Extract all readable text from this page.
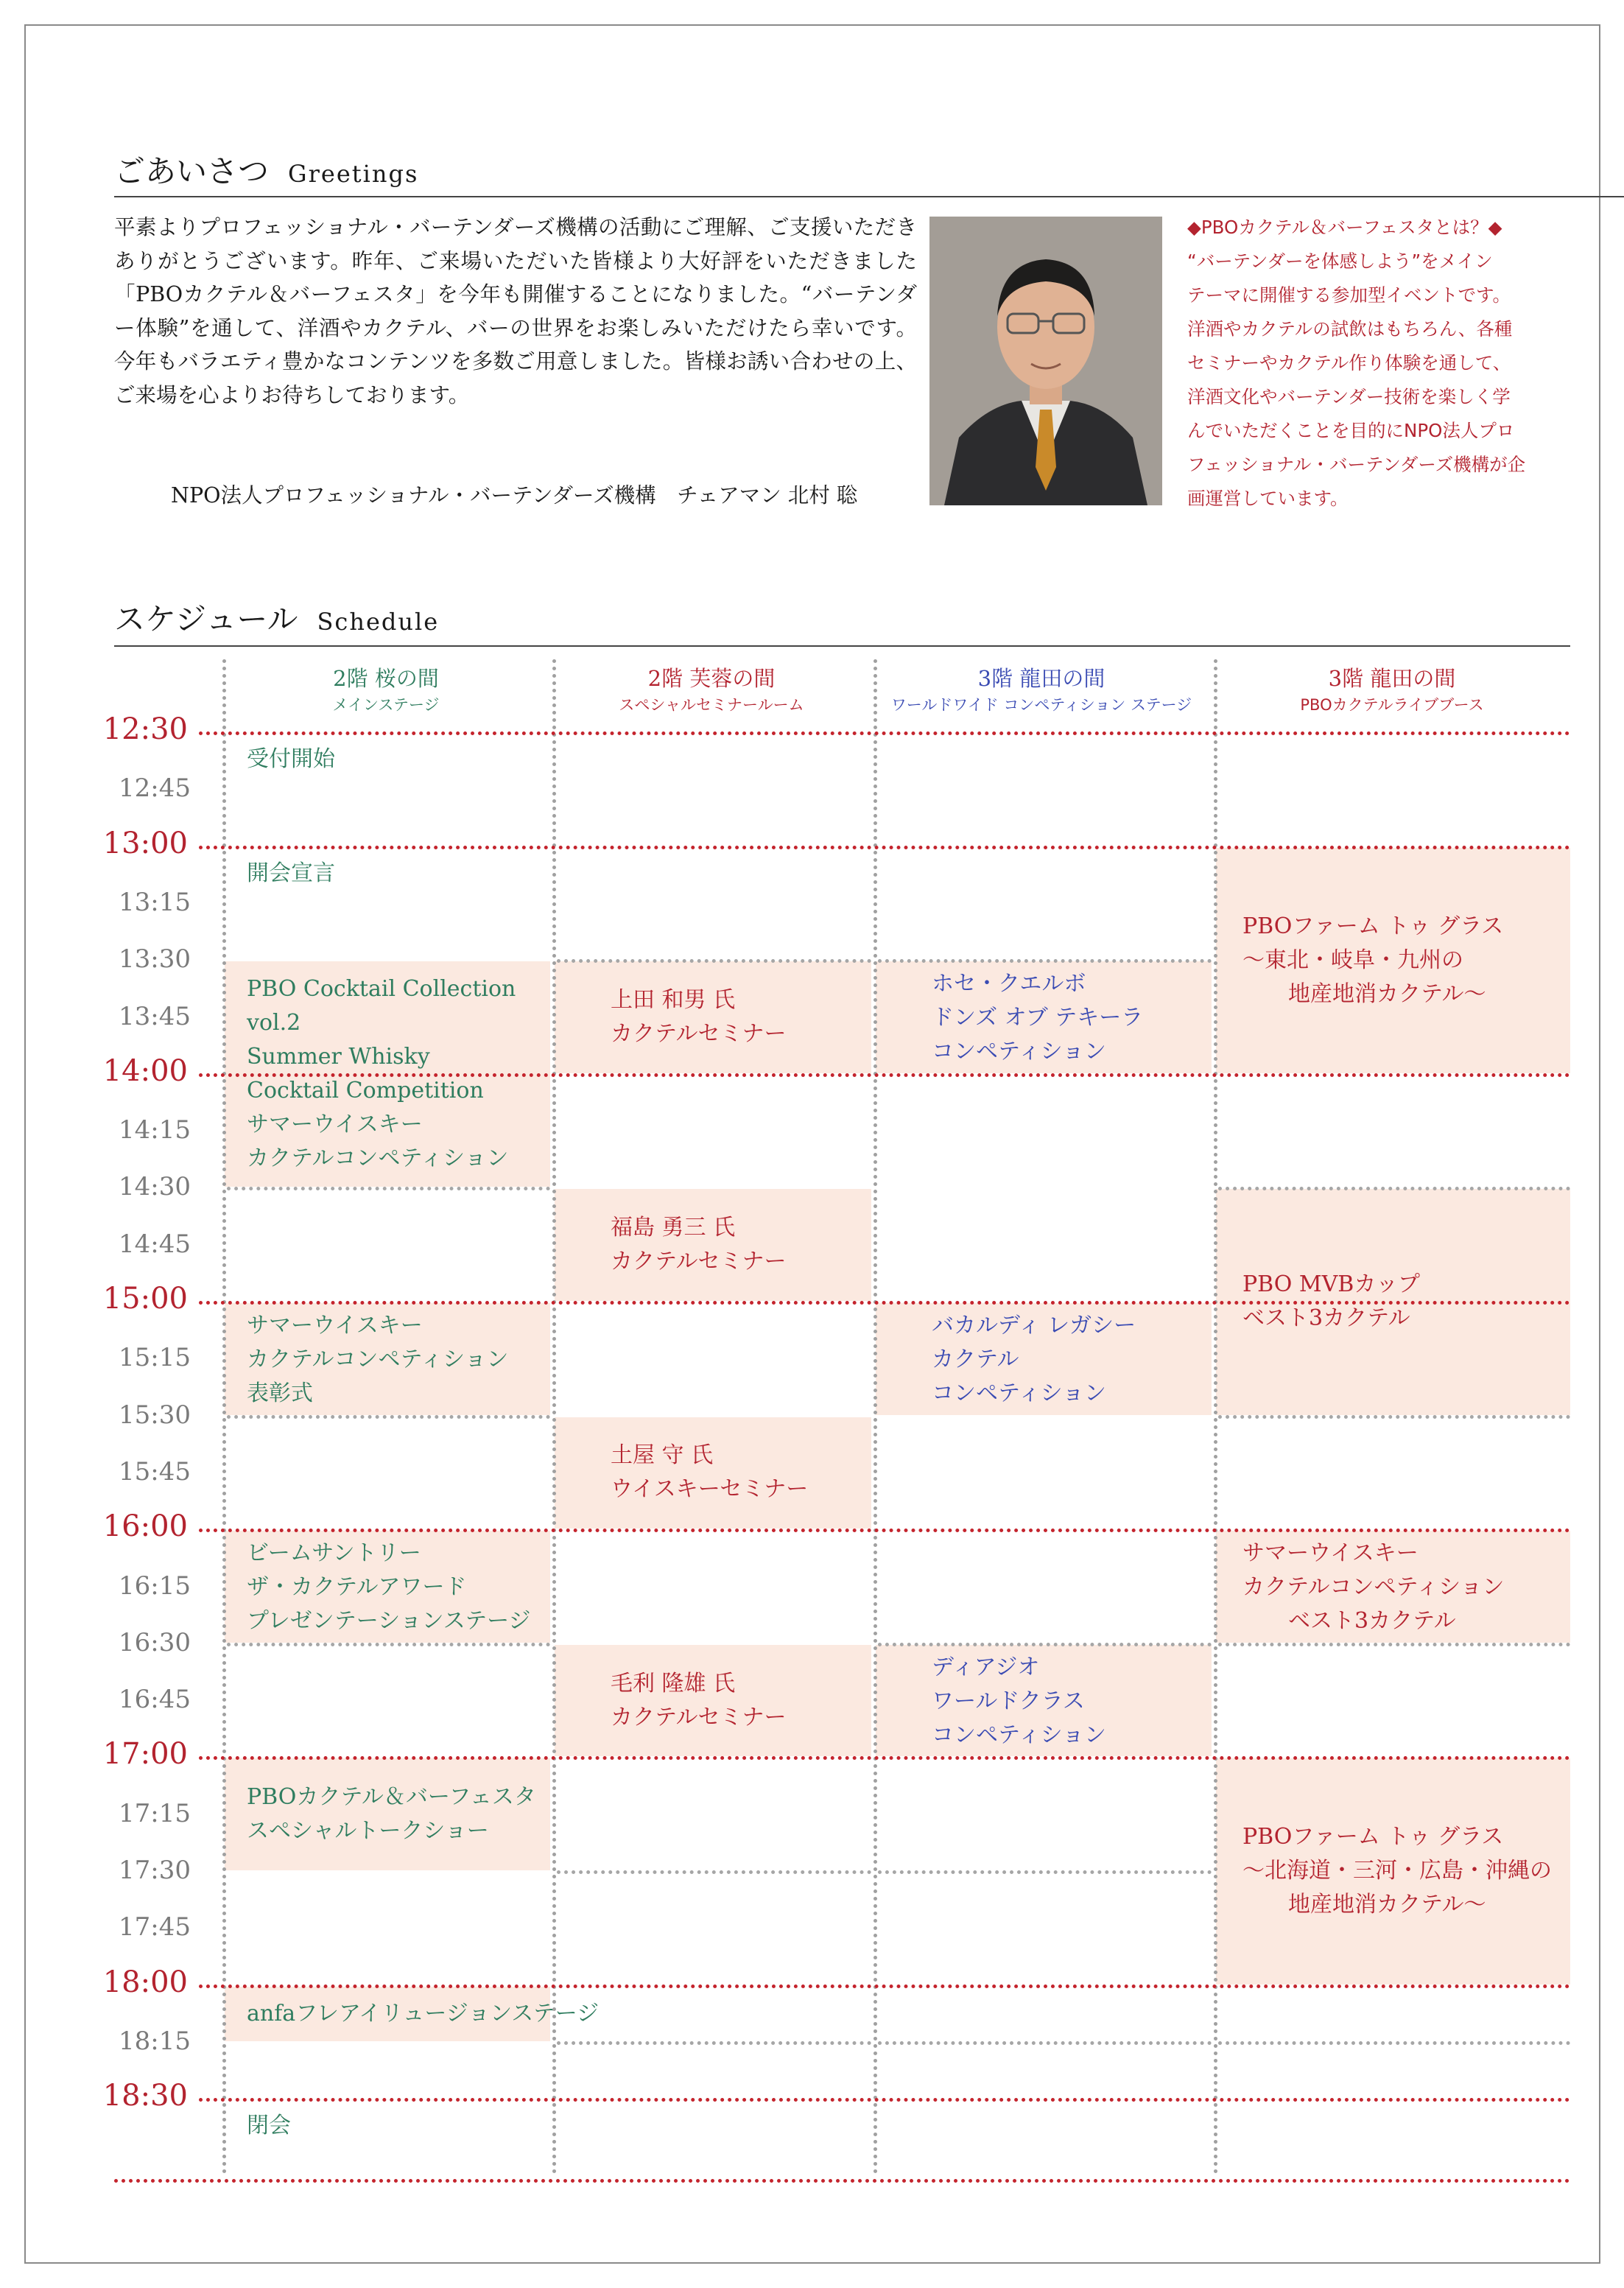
ごあいさつ Greetings

平素よりプロフェッショナル・バーテンダーズ機構の活動にご理解、ご支援いただきありがとうございます。昨年、ご来場いただいた皆様より大好評をいただきました「PBOカクテル＆バーフェスタ」を今年も開催することになりました。“バーテンダー体験”を通して、洋酒やカクテル、バーの世界をお楽しみいただけたら幸いです。今年もバラエティ豊かなコンテンツを多数ご用意しました。皆様お誘い合わせの上、ご来場を心よりお待ちしております。

NPO法人プロフェッショナル・バーテンダーズ機構　チェアマン 北村 聡
◆PBOカクテル＆バーフェスタとは？◆
“バーテンダーを体感しよう”をメイン
テーマに開催する参加型イベントです。
洋酒やカクテルの試飲はもちろん、各種
セミナーやカクテル作り体験を通して、
洋酒文化やバーテンダー技術を楽しく学
んでいただくことを目的にNPO法人プロ
フェッショナル・バーテンダーズ機構が企
画運営しています。
スケジュール Schedule
2階 桜の間
メインステージ
2階 芙蓉の間
スペシャルセミナールーム
3階 龍田の間
ワールドワイド コンペティション ステージ
3階 龍田の間
PBOカクテルライブブース
受付開始
開会宣言
PBO Cocktail Collection
vol.2
Summer Whisky
Cocktail Competition
サマーウイスキー
カクテルコンペティション
サマーウイスキー
カクテルコンペティション
表彰式
ビームサントリー
ザ・カクテルアワード
プレゼンテーションステージ
PBOカクテル＆バーフェスタ
スペシャルトークショー
anfaフレアイリュージョンステージ
閉会
上田 和男 氏
カクテルセミナー
福島 勇三 氏
カクテルセミナー
土屋 守 氏
ウイスキーセミナー
毛利 隆雄 氏
カクテルセミナー
ホセ・クエルボ
ドンズ オブ テキーラ
コンペティション
バカルディ レガシー
カクテル
コンペティション
ディアジオ
ワールドクラス
コンペティション
PBOファーム トゥ グラス
～東北・岐阜・九州の
地産地消カクテル～
PBO MVBカップ
ベスト3カクテル
サマーウイスキー
カクテルコンペティション
ベスト3カクテル
PBOファーム トゥ グラス
～北海道・三河・広島・沖縄の
地産地消カクテル～
12:30
12:45
13:00
13:15
13:30
13:45
14:00
14:15
14:30
14:45
15:00
15:15
15:30
15:45
16:00
16:15
16:30
16:45
17:00
17:15
17:30
17:45
18:00
18:15
18:30
